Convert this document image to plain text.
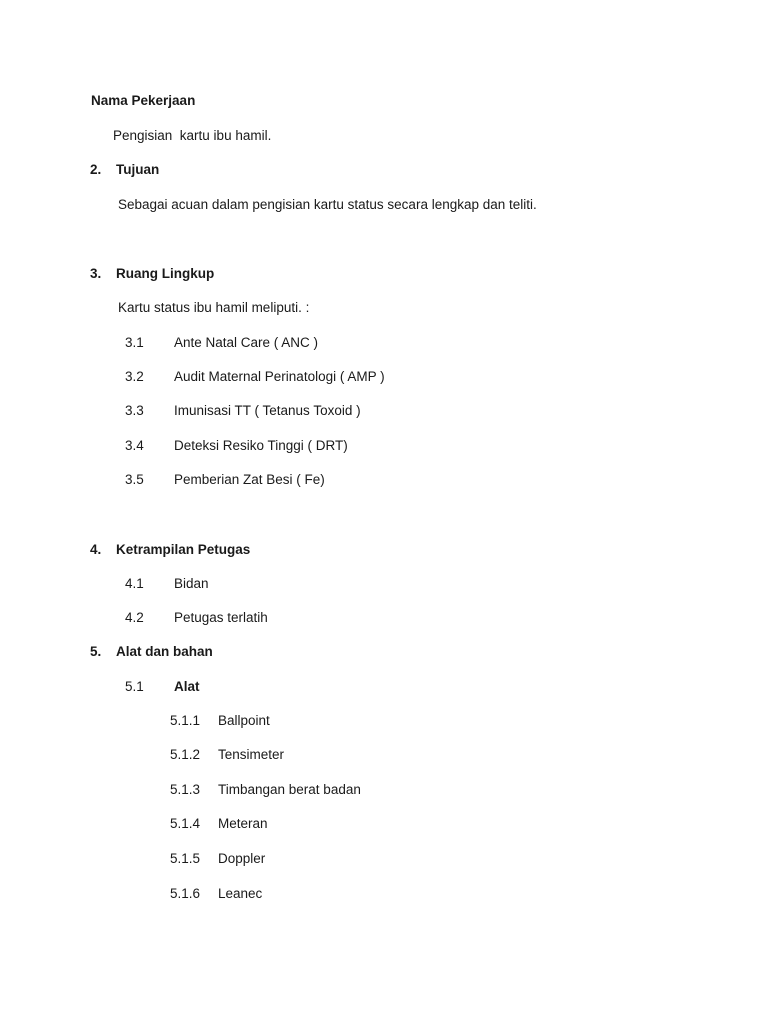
Nama Pekerjaan
Pengisian  kartu ibu hamil.
2. Tujuan
Sebagai acuan dalam pengisian kartu status secara lengkap dan teliti.
3. Ruang Lingkup
Kartu status ibu hamil meliputi. :
3.1 Ante Natal Care ( ANC )
3.2 Audit Maternal Perinatologi ( AMP )
3.3 Imunisasi TT ( Tetanus Toxoid )
3.4 Deteksi Resiko Tinggi ( DRT)
3.5 Pemberian Zat Besi ( Fe)
4. Ketrampilan Petugas
4.1 Bidan
4.2 Petugas terlatih
5. Alat dan bahan
5.1 Alat
5.1.1 Ballpoint
5.1.2 Tensimeter
5.1.3 Timbangan berat badan
5.1.4 Meteran
5.1.5 Doppler
5.1.6 Leanec
